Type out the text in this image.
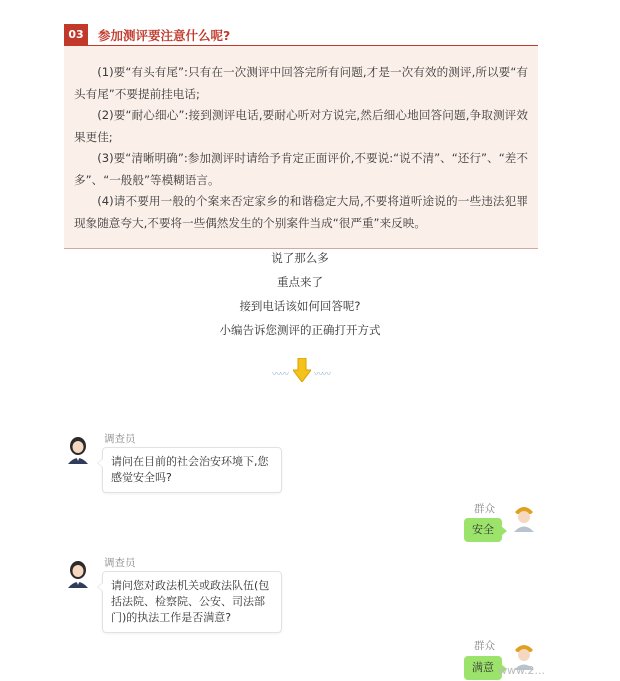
03	参加测评要注意什么呢?

(1)要“有头有尾”:只有在一次测评中回答完所有问题,才是一次有效的测评,所以要“有头有尾”不要提前挂电话;

(2)要“耐心细心”:接到测评电话,要耐心听对方说完,然后细心地回答问题,争取测评效果更佳;

(3)要“清晰明确”:参加测评时请给予肯定正面评价,不要说:“说不清”、“还行”、“差不多”、“一般般”等模糊语言。

(4)请不要用一般的个案来否定家乡的和谐稳定大局,不要将道听途说的一些违法犯罪现象随意夸大,不要将一些偶然发生的个别案件当成“很严重”来反映。

说了那么多
重点来了
接到电话该如何回答呢?
小编告诉您测评的正确打开方式
〰〰	〰〰
调查员
请问在目前的社会治安环境下,您感觉安全吗?
群众
安全
调查员
请问您对政法机关或政法队伍(包括法院、检察院、公安、司法部门)的执法工作是否满意?
群众
满意 www.2...
